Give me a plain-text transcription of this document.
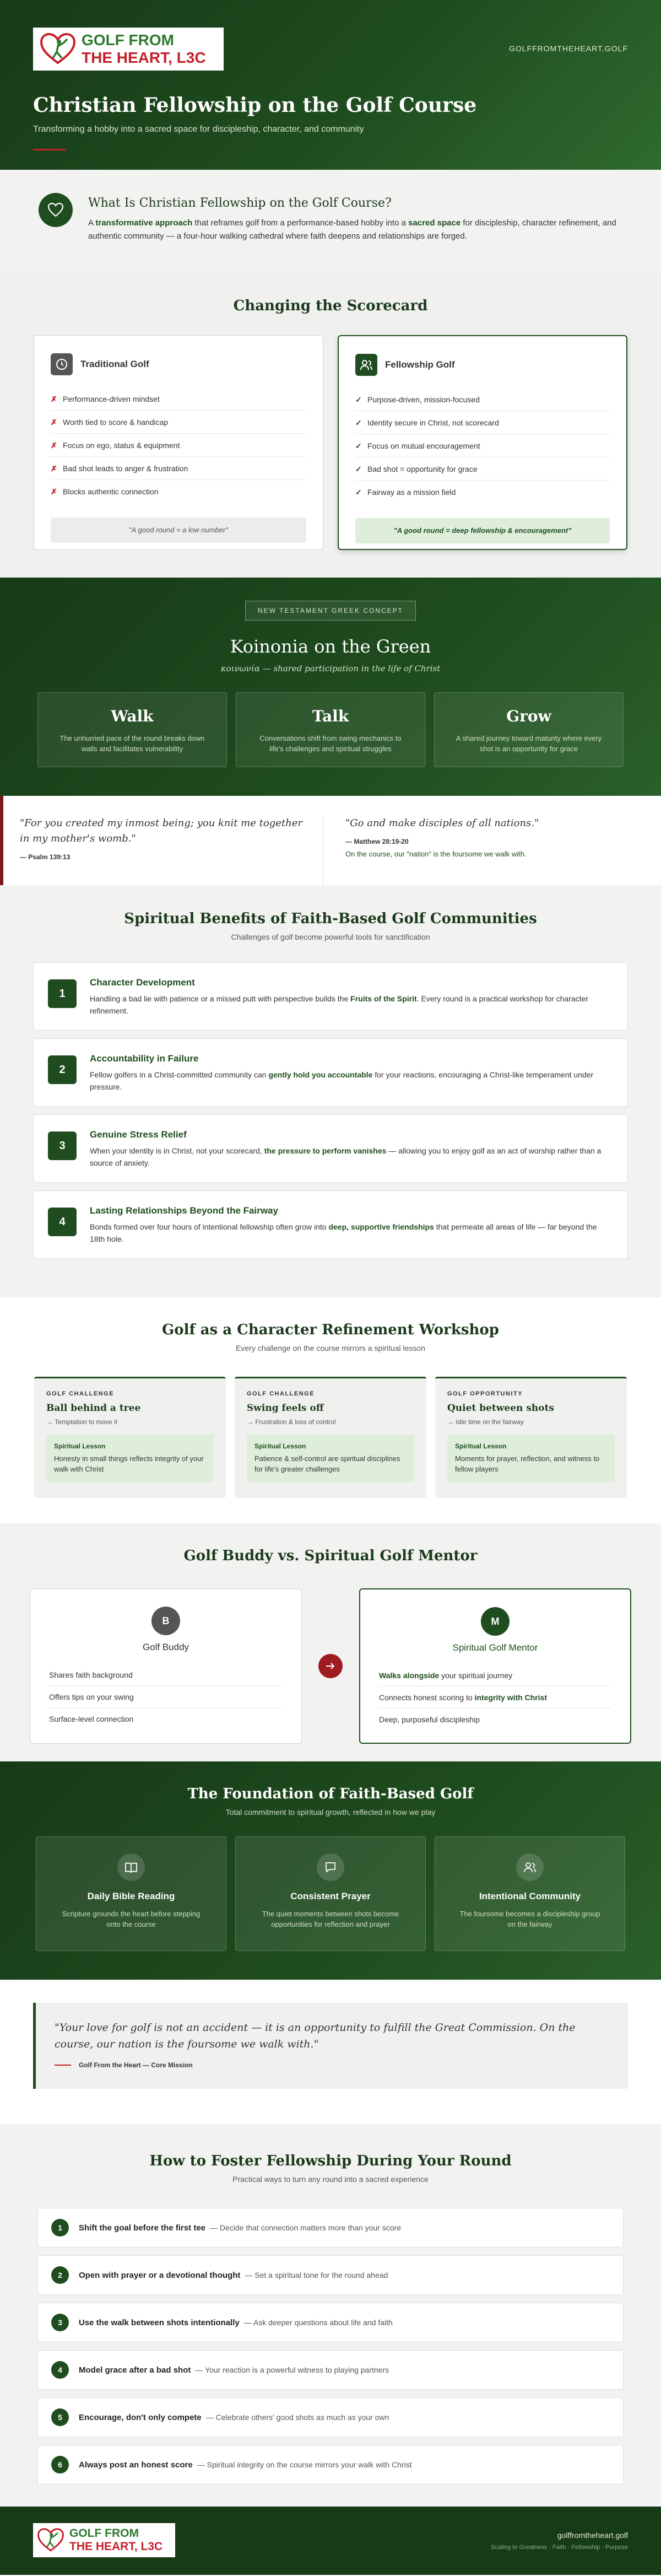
GOLF FROM
THE HEART, L3C
GOLFFROMTHEHEART.GOLF
Christian Fellowship on the Golf Course
Transforming a hobby into a sacred space for discipleship, character, and community
What Is Christian Fellowship on the Golf Course?

A transformative approach that reframes golf from a performance-based hobby into a sacred space for discipleship, character refinement, and authentic community — a four-hour walking cathedral where faith deepens and relationships are forged.

Changing the Scorecard
Traditional Golf
✗ Performance-driven mindset
✗ Worth tied to score & handicap
✗ Focus on ego, status & equipment
✗ Bad shot leads to anger & frustration
✗ Blocks authentic connection
"A good round = a low number"
Fellowship Golf
✓ Purpose-driven, mission-focused
✓ Identity secure in Christ, not scorecard
✓ Focus on mutual encouragement
✓ Bad shot = opportunity for grace
✓ Fairway as a mission field
"A good round = deep fellowship & encouragement"
NEW TESTAMENT GREEK CONCEPT
Koinonia on the Green
κοινωνία — shared participation in the life of Christ
Walk
The unhurried pace of the round breaks down walls and facilitates vulnerability
Talk
Conversations shift from swing mechanics to life's challenges and spiritual struggles
Grow
A shared journey toward maturity where every shot is an opportunity for grace
"For you created my inmost being; you knit me together in my mother's womb."
— Psalm 139:13
"Go and make disciples of all nations."
— Matthew 28:19-20
On the course, our "nation" is the foursome we walk with.
Spiritual Benefits of Faith-Based Golf Communities
Challenges of golf become powerful tools for sanctification
1
Character Development
Handling a bad lie with patience or a missed putt with perspective builds the Fruits of the Spirit. Every round is a practical workshop for character refinement.
2
Accountability in Failure
Fellow golfers in a Christ-committed community can gently hold you accountable for your reactions, encouraging a Christ-like temperament under pressure.
3
Genuine Stress Relief
When your identity is in Christ, not your scorecard, the pressure to perform vanishes — allowing you to enjoy golf as an act of worship rather than a source of anxiety.
4
Lasting Relationships Beyond the Fairway
Bonds formed over four hours of intentional fellowship often grow into deep, supportive friendships that permeate all areas of life — far beyond the 18th hole.
Golf as a Character Refinement Workshop
Every challenge on the course mirrors a spiritual lesson
GOLF CHALLENGE
Ball behind a tree
→ Temptation to move it
Spiritual Lesson
Honesty in small things reflects integrity of your walk with Christ
GOLF CHALLENGE
Swing feels off
→ Frustration & loss of control
Spiritual Lesson
Patience & self-control are spiritual disciplines for life's greater challenges
GOLF OPPORTUNITY
Quiet between shots
→ Idle time on the fairway
Spiritual Lesson
Moments for prayer, reflection, and witness to fellow players
Golf Buddy vs. Spiritual Golf Mentor
B
Golf Buddy
Shares faith background
Offers tips on your swing
Surface-level connection
M
Spiritual Golf Mentor
Walks alongside your spiritual journey
Connects honest scoring to integrity with Christ
Deep, purposeful discipleship
The Foundation of Faith-Based Golf
Total commitment to spiritual growth, reflected in how we play
Daily Bible Reading
Scripture grounds the heart before stepping onto the course
Consistent Prayer
The quiet moments between shots become opportunities for reflection and prayer
Intentional Community
The foursome becomes a discipleship group on the fairway
"Your love for golf is not an accident — it is an opportunity to fulfill the Great Commission. On the course, our nation is the foursome we walk with."
Golf From the Heart — Core Mission
How to Foster Fellowship During Your Round
Practical ways to turn any round into a sacred experience
1	Shift the goal before the first tee — Decide that connection matters more than your score
2	Open with prayer or a devotional thought — Set a spiritual tone for the round ahead
3	Use the walk between shots intentionally — Ask deeper questions about life and faith
4	Model grace after a bad shot — Your reaction is a powerful witness to playing partners
5	Encourage, don't only compete — Celebrate others' good shots as much as your own
6	Always post an honest score — Spiritual integrity on the course mirrors your walk with Christ
GOLF FROM
THE HEART, L3C
golffromtheheart.golf
Scaling to Greatness · Faith · Fellowship · Purpose
